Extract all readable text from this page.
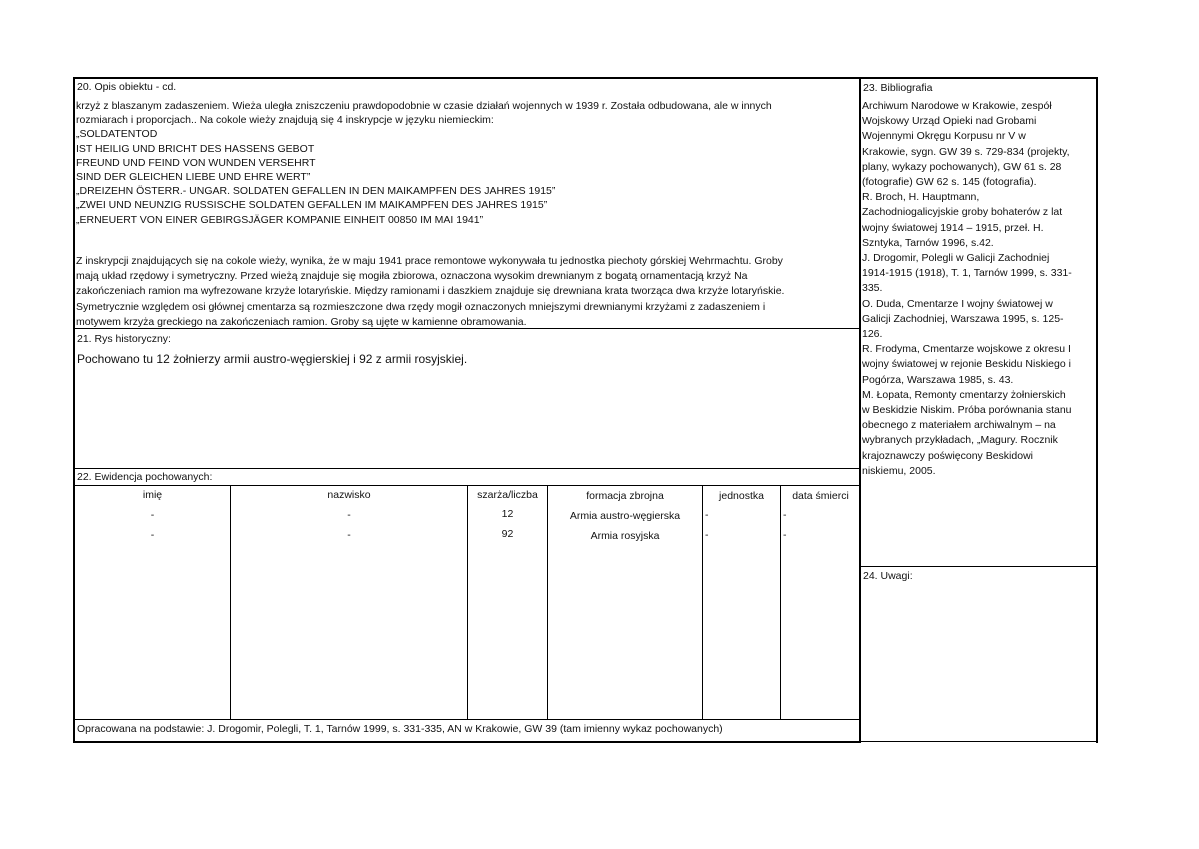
20. Opis obiektu - cd.
krzyż z blaszanym zadaszeniem. Wieża uległa zniszczeniu prawdopodobnie w czasie działań wojennych w 1939 r. Została odbudowana, ale w innych
rozmiarach i proporcjach.. Na cokole wieży znajdują się 4 inskrypcje w języku niemieckim:
„SOLDATENTOD
IST HEILIG UND BRICHT DES HASSENS GEBOT
FREUND UND FEIND VON WUNDEN VERSEHRT
SIND DER GLEICHEN LIEBE UND EHRE WERT”
„DREIZEHN ÖSTERR.- UNGAR. SOLDATEN GEFALLEN IN DEN MAIKAMPFEN DES JAHRES 1915”
„ZWEI UND NEUNZIG RUSSISCHE SOLDATEN GEFALLEN IM MAIKAMPFEN DES JAHRES 1915”
„ERNEUERT VON EINER GEBIRGSJÄGER KOMPANIE EINHEIT 00850 IM MAI 1941”
Z inskrypcji znajdujących się na cokole wieży, wynika, że w maju 1941 prace remontowe wykonywała tu jednostka piechoty górskiej Wehrmachtu. Groby
mają układ rzędowy i symetryczny. Przed wieżą znajduje się mogiła zbiorowa, oznaczona wysokim drewnianym z bogatą ornamentacją krzyż Na
zakończeniach ramion ma wyfrezowane krzyże lotaryńskie. Między ramionami i daszkiem znajduje się drewniana krata tworząca dwa krzyże lotaryńskie.
Symetrycznie względem osi głównej cmentarza są rozmieszczone dwa rzędy mogił oznaczonych mniejszymi drewnianymi krzyżami z zadaszeniem i
motywem krzyża greckiego na zakończeniach ramion. Groby są ujęte w kamienne obramowania.
21. Rys historyczny:
Pochowano tu 12 żołnierzy armii austro-węgierskiej i 92 z armii rosyjskiej.
22. Ewidencja pochowanych:
imię	nazwisko	szarża/liczba	formacja zbrojna	jednostka	data śmierci
-	-	12	Armia austro-węgierska	-	-
-	-	92	Armia rosyjska	-	-
Opracowana na podstawie: J. Drogomir, Polegli, T. 1, Tarnów 1999, s. 331-335, AN w Krakowie, GW 39 (tam imienny wykaz pochowanych)
23. Bibliografia
Archiwum Narodowe w Krakowie, zespół
Wojskowy Urząd Opieki nad Grobami
Wojennymi Okręgu Korpusu nr V w
Krakowie, sygn. GW 39 s. 729-834 (projekty,
plany, wykazy pochowanych), GW 61 s. 28
(fotografie) GW 62 s. 145 (fotografia).
R. Broch, H. Hauptmann,
Zachodniogalicyjskie groby bohaterów z lat
wojny światowej 1914 – 1915, przeł. H.
Szntyka, Tarnów 1996, s.42.
J. Drogomir, Polegli w Galicji Zachodniej
1914-1915 (1918), T. 1, Tarnów 1999, s. 331-
335.
O. Duda, Cmentarze I wojny światowej w
Galicji Zachodniej, Warszawa 1995, s. 125-
126.
R. Frodyma, Cmentarze wojskowe z okresu I
wojny światowej w rejonie Beskidu Niskiego i
Pogórza, Warszawa 1985, s. 43.
M. Łopata, Remonty cmentarzy żołnierskich
w Beskidzie Niskim. Próba porównania stanu
obecnego z materiałem archiwalnym – na
wybranych przykładach, „Magury. Rocznik
krajoznawczy poświęcony Beskidowi
niskiemu, 2005.
24. Uwagi:
